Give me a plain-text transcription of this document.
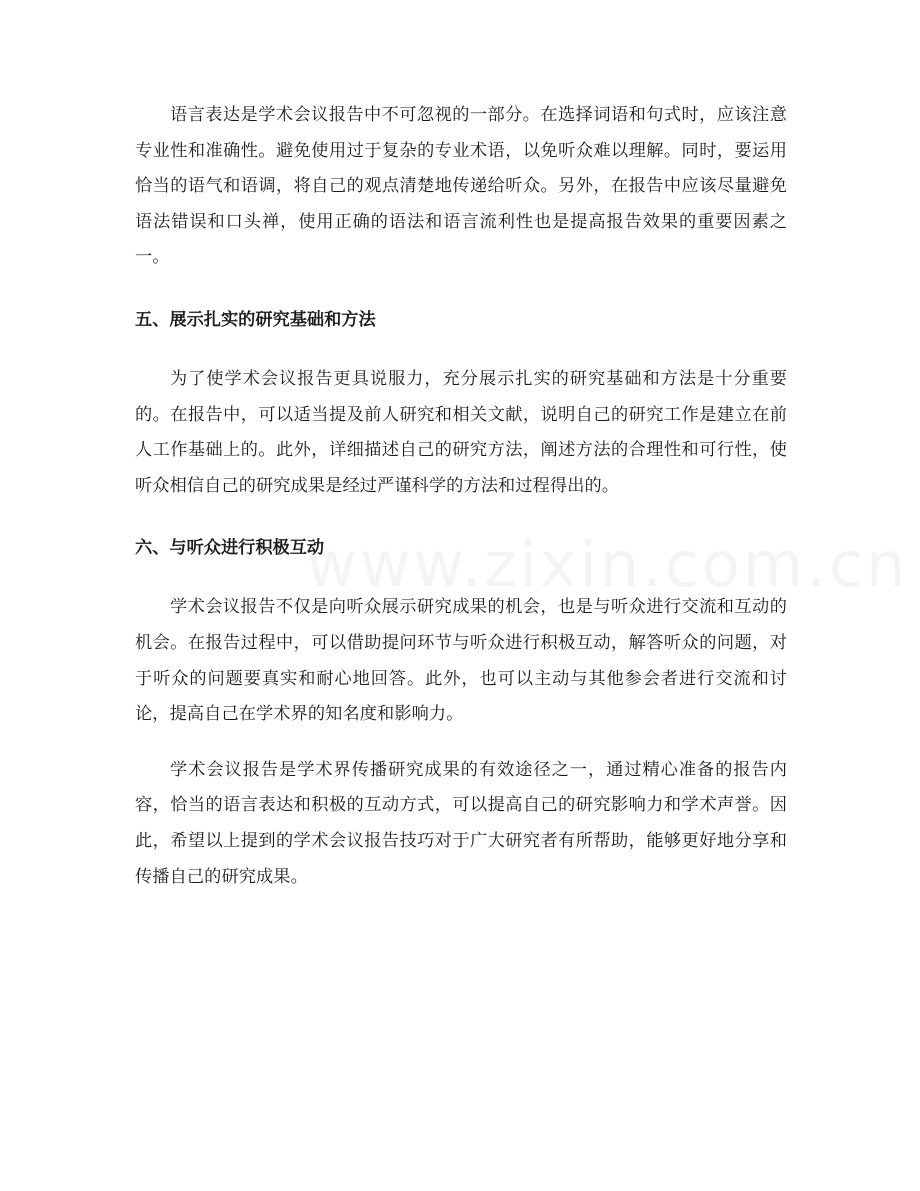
语言表达是学术会议报告中不可忽视的一部分。在选择词语和句式时，应该注意专业性和准确性。避免使用过于复杂的专业术语，以免听众难以理解。同时，要运用恰当的语气和语调，将自己的观点清楚地传递给听众。另外，在报告中应该尽量避免语法错误和口头禅，使用正确的语法和语言流利性也是提高报告效果的重要因素之一。

五、展示扎实的研究基础和方法

为了使学术会议报告更具说服力，充分展示扎实的研究基础和方法是十分重要的。在报告中，可以适当提及前人研究和相关文献，说明自己的研究工作是建立在前人工作基础上的。此外，详细描述自己的研究方法，阐述方法的合理性和可行性，使听众相信自己的研究成果是经过严谨科学的方法和过程得出的。

六、与听众进行积极互动

学术会议报告不仅是向听众展示研究成果的机会，也是与听众进行交流和互动的机会。在报告过程中，可以借助提问环节与听众进行积极互动，解答听众的问题，对于听众的问题要真实和耐心地回答。此外，也可以主动与其他参会者进行交流和讨论，提高自己在学术界的知名度和影响力。

学术会议报告是学术界传播研究成果的有效途径之一，通过精心准备的报告内容，恰当的语言表达和积极的互动方式，可以提高自己的研究影响力和学术声誉。因此，希望以上提到的学术会议报告技巧对于广大研究者有所帮助，能够更好地分享和传播自己的研究成果。
